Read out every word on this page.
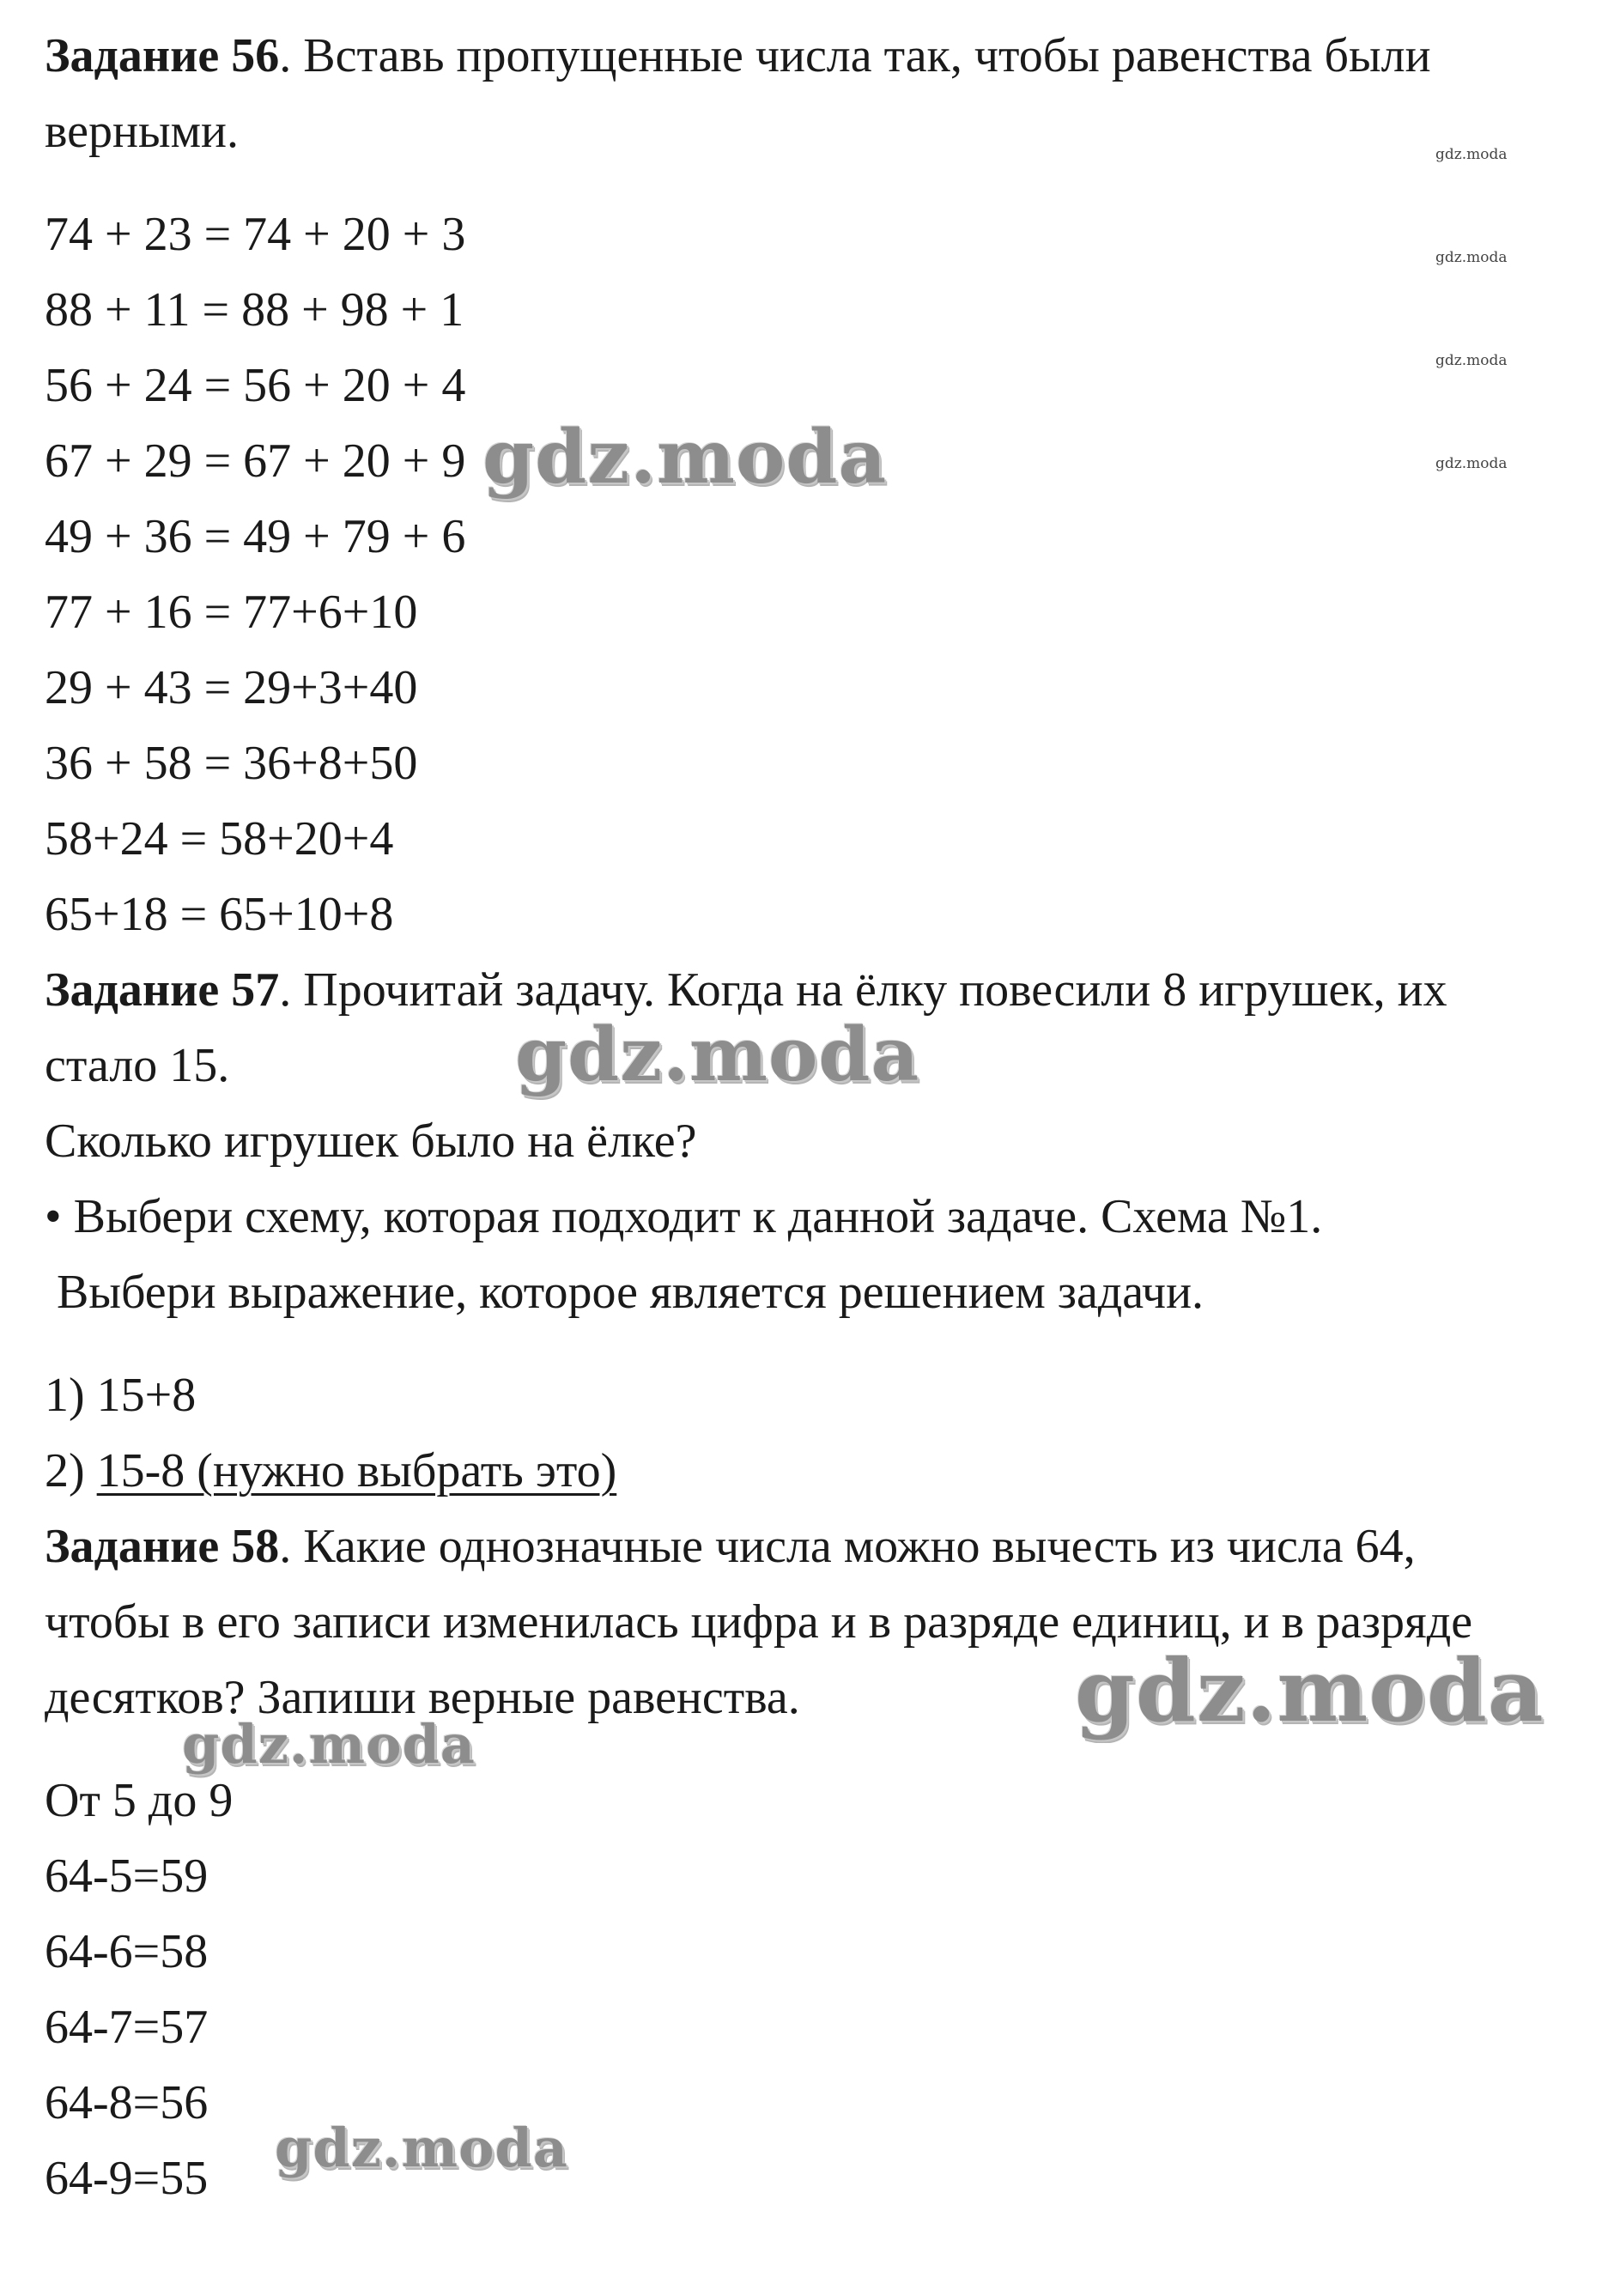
Задание 56. Вставь пропущенные числа так, чтобы равенства были
верными.
74 + 23 = 74 + 20 + 3
88 + 11 = 88 + 98 + 1
56 + 24 = 56 + 20 + 4
67 + 29 = 67 + 20 + 9
49 + 36 = 49 + 79 + 6
77 + 16 = 77+6+10
29 + 43 = 29+3+40
36 + 58 = 36+8+50
58+24 = 58+20+4
65+18 = 65+10+8
Задание 57. Прочитай задачу. Когда на ёлку повесили 8 игрушек, их
стало 15.
Сколько игрушек было на ёлке?
• Выбери схему, которая подходит к данной задаче. Схема №1.
Выбери выражение, которое является решением задачи.
1) 15+8
2) 15-8 (нужно выбрать это)
Задание 58. Какие однозначные числа можно вычесть из числа 64,
чтобы в его записи изменилась цифра и в разряде единиц, и в разряде
десятков? Запиши верные равенства.
От 5 до 9
64-5=59
64-6=58
64-7=57
64-8=56
64-9=55
gdz.moda
gdz.moda
gdz.moda
gdz.moda
gdz.moda
gdz.moda
gdz.moda
gdz.moda
gdz.moda
